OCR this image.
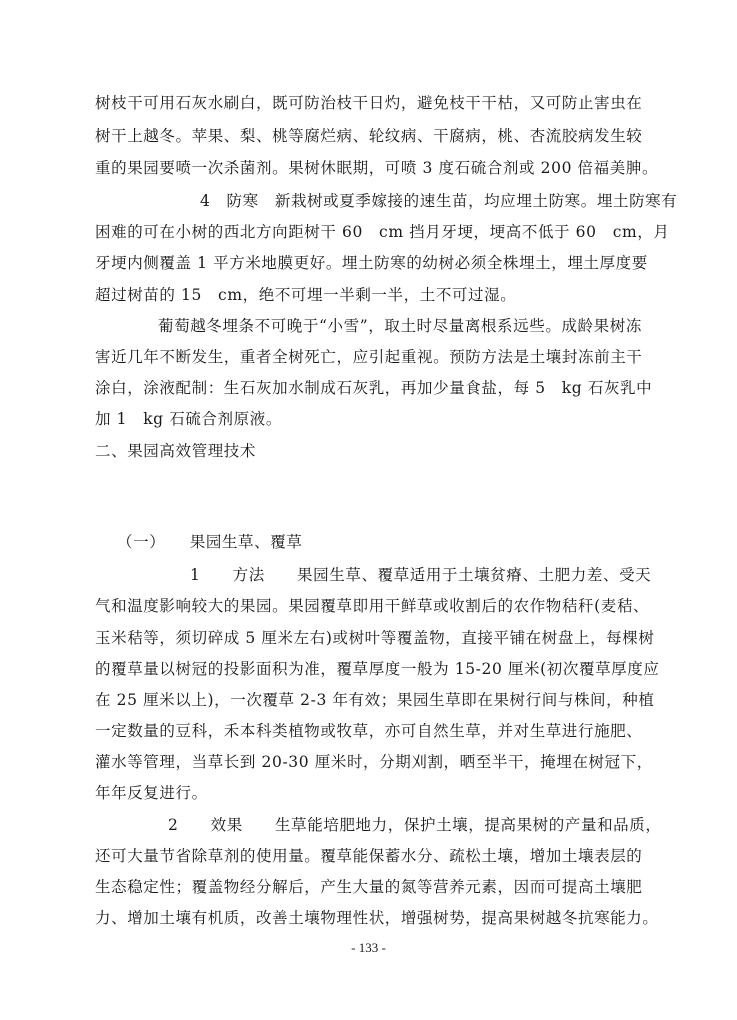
树枝干可用石灰水刷白，既可防治枝干日灼，避免枝干干枯，又可防止害虫在
树干上越冬。苹果、梨、桃等腐烂病、轮纹病、干腐病，桃、杏流胶病发生较
重的果园要喷一次杀菌剂。果树休眠期，可喷 3 度石硫合剂或 200 倍福美胂。
4　防寒　新栽树或夏季嫁接的速生苗，均应埋土防寒。埋土防寒有
困难的可在小树的西北方向距树干 60　cm 挡月牙埂，埂高不低于 60　cm，月
牙埂内侧覆盖 1 平方米地膜更好。埋土防寒的幼树必须全株埋土，埋土厚度要
超过树苗的 15　cm，绝不可埋一半剩一半，土不可过湿。
葡萄越冬埋条不可晚于“小雪”，取土时尽量离根系远些。成龄果树冻
害近几年不断发生，重者全树死亡，应引起重视。预防方法是土壤封冻前主干
涂白，涂液配制：生石灰加水制成石灰乳，再加少量食盐，每 5　kg 石灰乳中
加 1　kg 石硫合剂原液。
二、果园高效管理技术
（一）　　果园生草、覆草
1　　方法　　果园生草、覆草适用于土壤贫瘠、土肥力差、受天
气和温度影响较大的果园。果园覆草即用干鲜草或收割后的农作物秸秆(麦秸、
玉米秸等，须切碎成 5 厘米左右)或树叶等覆盖物，直接平铺在树盘上，每棵树
的覆草量以树冠的投影面积为准，覆草厚度一般为 15-20 厘米(初次覆草厚度应
在 25 厘米以上)，一次覆草 2-3 年有效；果园生草即在果树行间与株间，种植
一定数量的豆科，禾本科类植物或牧草，亦可自然生草，并对生草进行施肥、
灌水等管理，当草长到 20-30 厘米时，分期刈割，晒至半干，掩埋在树冠下，
年年反复进行。
2　　效果　　生草能培肥地力，保护土壤，提高果树的产量和品质，
还可大量节省除草剂的使用量。覆草能保蓄水分、疏松土壤，增加土壤表层的
生态稳定性；覆盖物经分解后，产生大量的氮等营养元素，因而可提高土壤肥
力、增加土壤有机质，改善土壤物理性状，增强树势，提高果树越冬抗寒能力。
- 133 -
